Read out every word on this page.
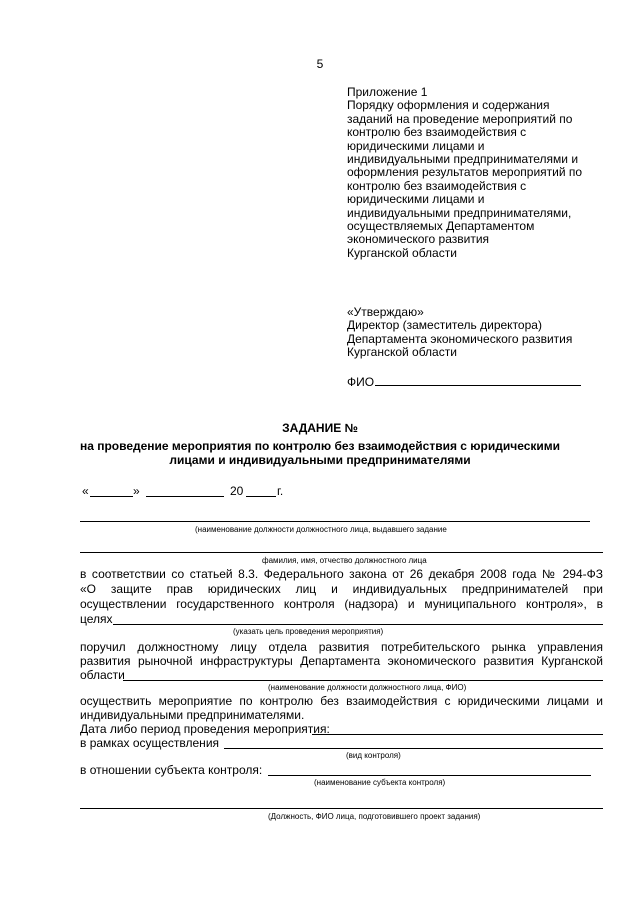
5
Приложение 1
Порядку оформления и содержания
заданий на проведение мероприятий по
контролю без взаимодействия с
юридическими лицами и
индивидуальными предпринимателями и
оформления результатов мероприятий по
контролю без взаимодействия с
юридическими лицами и
индивидуальными предпринимателями,
осуществляемых Департаментом
экономического развития
Курганской области
«Утверждаю»
Директор (заместитель директора)
Департамента экономического развития
Курганской области
ФИО
ЗАДАНИЕ №
на проведение мероприятия по контролю без взаимодействия с юридическими
лицами и индивидуальными предпринимателями
«	»	20	г.
(наименование должности должностного лица, выдавшего задание
фамилия, имя, отчество должностного лица
в соответствии со статьей 8.3. Федерального закона от 26 декабря 2008 года № 294-ФЗ
«О защите прав юридических лиц и индивидуальных предпринимателей при
осуществлении государственного контроля (надзора) и муниципального контроля», в
целях
(указать цель проведения мероприятия)
поручил должностному лицу отдела развития потребительского рынка управления
развития рыночной инфраструктуры Департамента экономического развития Курганской
области
(наименование должности должностного лица, ФИО)
осуществить мероприятие по контролю без взаимодействия с юридическими лицами и
индивидуальными предпринимателями.
Дата либо период проведения мероприятия:
в рамках осуществления
(вид контроля)
в отношении субъекта контроля:
(наименование субъекта контроля)
(Должность, ФИО лица, подготовившего проект задания)
